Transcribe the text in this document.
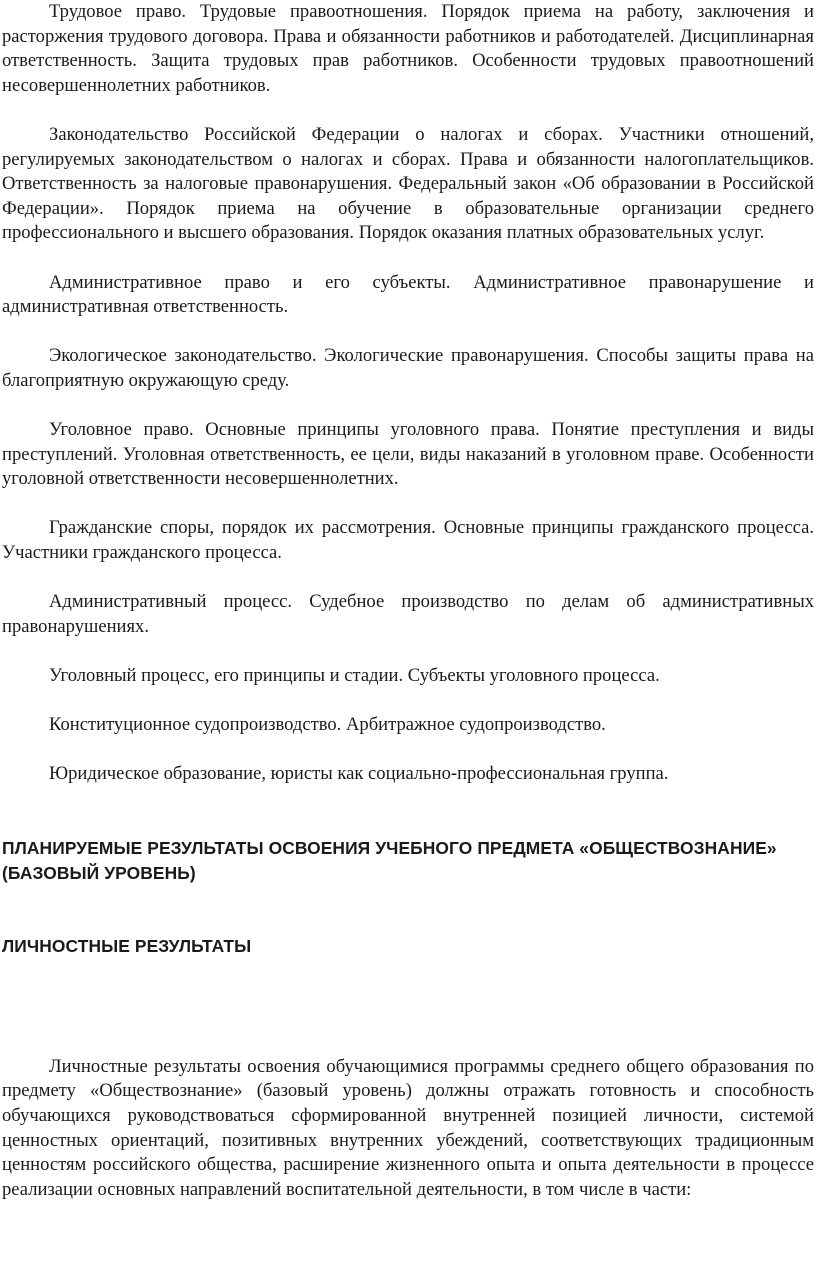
Трудовое право. Трудовые правоотношения. Порядок приема на работу, заключения и расторжения трудового договора. Права и обязанности работников и работодателей. Дисциплинарная ответственность. Защита трудовых прав работников. Особенности трудовых правоотношений несовершеннолетних работников.

Законодательство Российской Федерации о налогах и сборах. Участники отношений, регулируемых законодательством о налогах и сборах. Права и обязанности налогоплательщиков. Ответственность за налоговые правонарушения. Федеральный закон «Об образовании в Российской Федерации». Порядок приема на обучение в образовательные организации среднего профессионального и высшего образования. Порядок оказания платных образовательных услуг.

Административное право и его субъекты. Административное правонарушение и административная ответственность.

Экологическое законодательство. Экологические правонарушения. Способы защиты права на благоприятную окружающую среду.

Уголовное право. Основные принципы уголовного права. Понятие преступления и виды преступлений. Уголовная ответственность, ее цели, виды наказаний в уголовном праве. Особенности уголовной ответственности несовершеннолетних.

Гражданские споры, порядок их рассмотрения. Основные принципы гражданского процесса. Участники гражданского процесса.

Административный процесс. Судебное производство по делам об административных правонарушениях.

Уголовный процесс, его принципы и стадии. Субъекты уголовного процесса.

Конституционное судопроизводство. Арбитражное судопроизводство.

Юридическое образование, юристы как социально-профессиональная группа.

ПЛАНИРУЕМЫЕ РЕЗУЛЬТАТЫ ОСВОЕНИЯ УЧЕБНОГО ПРЕДМЕТА «ОБЩЕСТВОЗНАНИЕ» (БАЗОВЫЙ УРОВЕНЬ)
ЛИЧНОСТНЫЕ РЕЗУЛЬТАТЫ

Личностные результаты освоения обучающимися программы среднего общего образования по предмету «Обществознание» (базовый уровень) должны отражать готовность и способность обучающихся руководствоваться сформированной внутренней позицией личности, системой ценностных ориентаций, позитивных внутренних убеждений, соответствующих традиционным ценностям российского общества, расширение жизненного опыта и опыта деятельности в процессе реализации основных направлений воспитательной деятельности, в том числе в части:
